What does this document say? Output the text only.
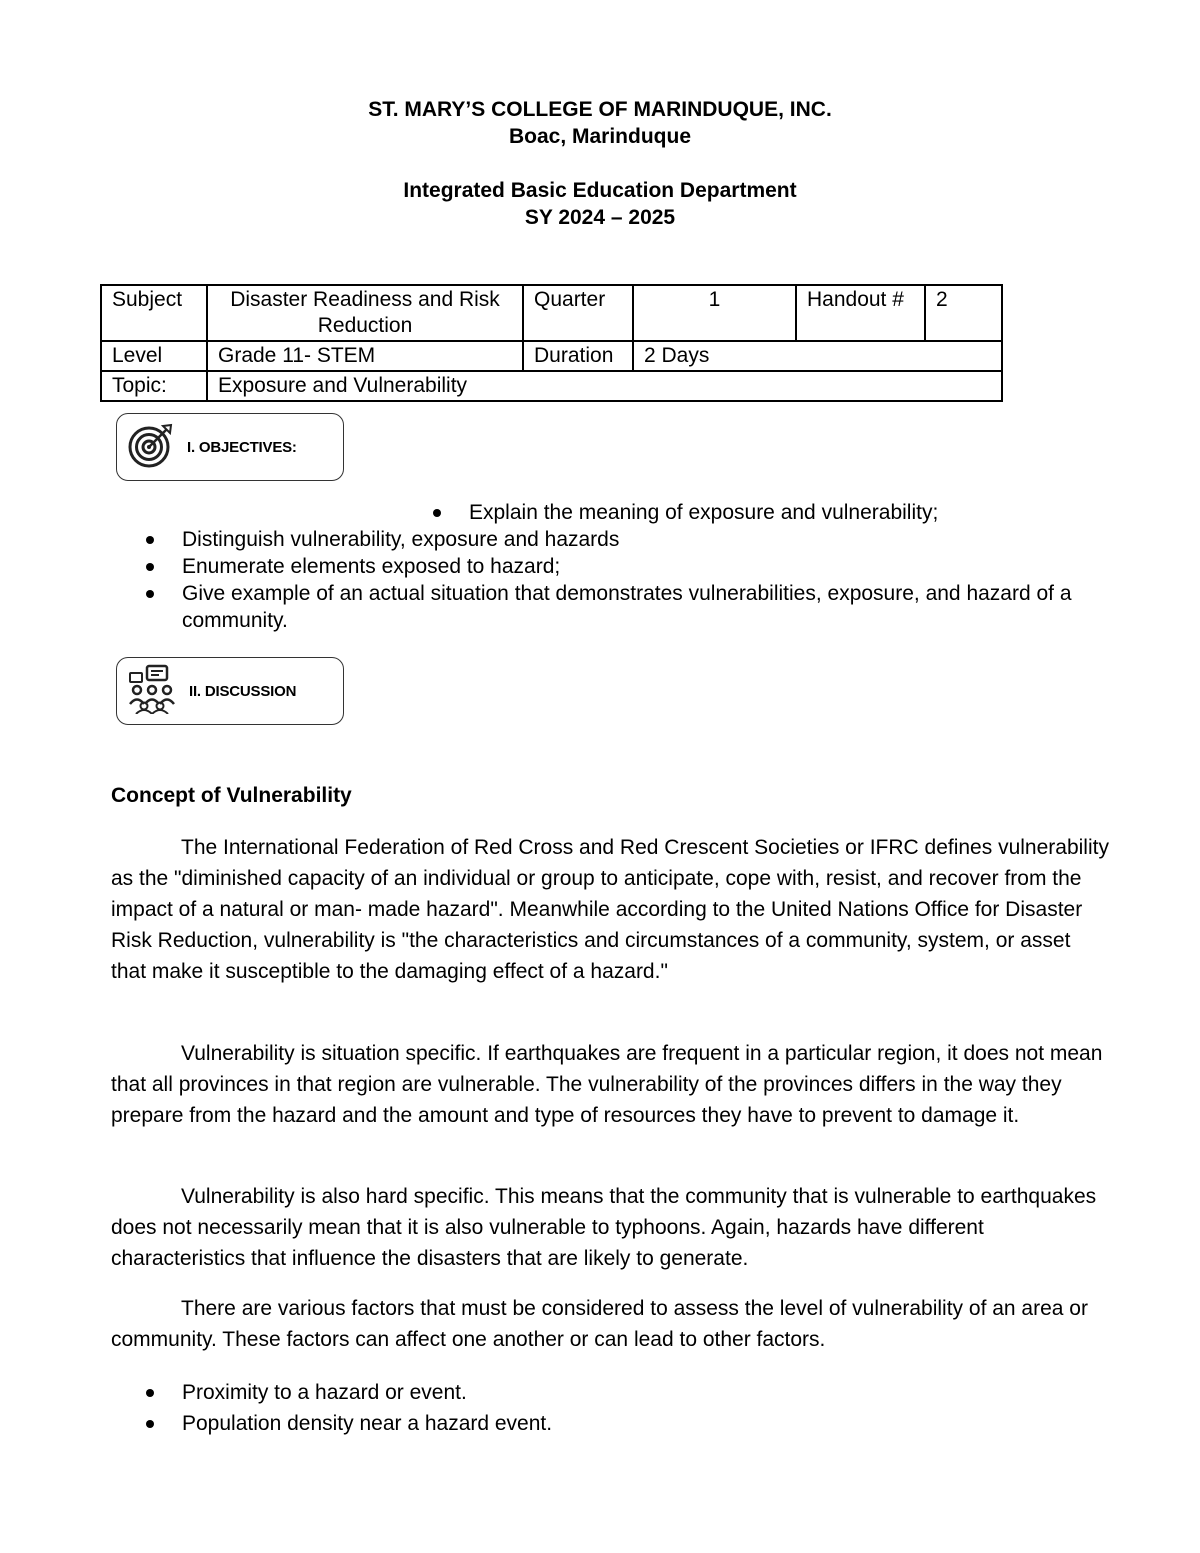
ST. MARY’S COLLEGE OF MARINDUQUE, INC.
Boac, Marinduque
Integrated Basic Education Department
SY 2024 – 2025
Subject	Disaster Readiness and Risk Reduction	Quarter	1	Handout #	2
Level	Grade 11- STEM	Duration	2 Days		
Topic:	Exposure and Vulnerability				
I. OBJECTIVES:
Explain the meaning of exposure and vulnerability;
Distinguish vulnerability, exposure and hazards
Enumerate elements exposed to hazard;
Give example of an actual situation that demonstrates vulnerabilities, exposure, and hazard of a community.
II. DISCUSSION
Concept of Vulnerability

The International Federation of Red Cross and Red Crescent Societies or IFRC defines vulnerability as the "diminished capacity of an individual or group to anticipate, cope with, resist, and recover from the impact of a natural or man- made hazard". Meanwhile according to the United Nations Office for Disaster Risk Reduction, vulnerability is "the characteristics and circumstances of a community, system, or asset that make it susceptible to the damaging effect of a hazard."

Vulnerability is situation specific. If earthquakes are frequent in a particular region, it does not mean that all provinces in that region are vulnerable. The vulnerability of the provinces differs in the way they prepare from the hazard and the amount and type of resources they have to prevent to damage it.

Vulnerability is also hard specific. This means that the community that is vulnerable to earthquakes does not necessarily mean that it is also vulnerable to typhoons. Again, hazards have different characteristics that influence the disasters that are likely to generate.

There are various factors that must be considered to assess the level of vulnerability of an area or community. These factors can affect one another or can lead to other factors.

Proximity to a hazard or event.
Population density near a hazard event.
